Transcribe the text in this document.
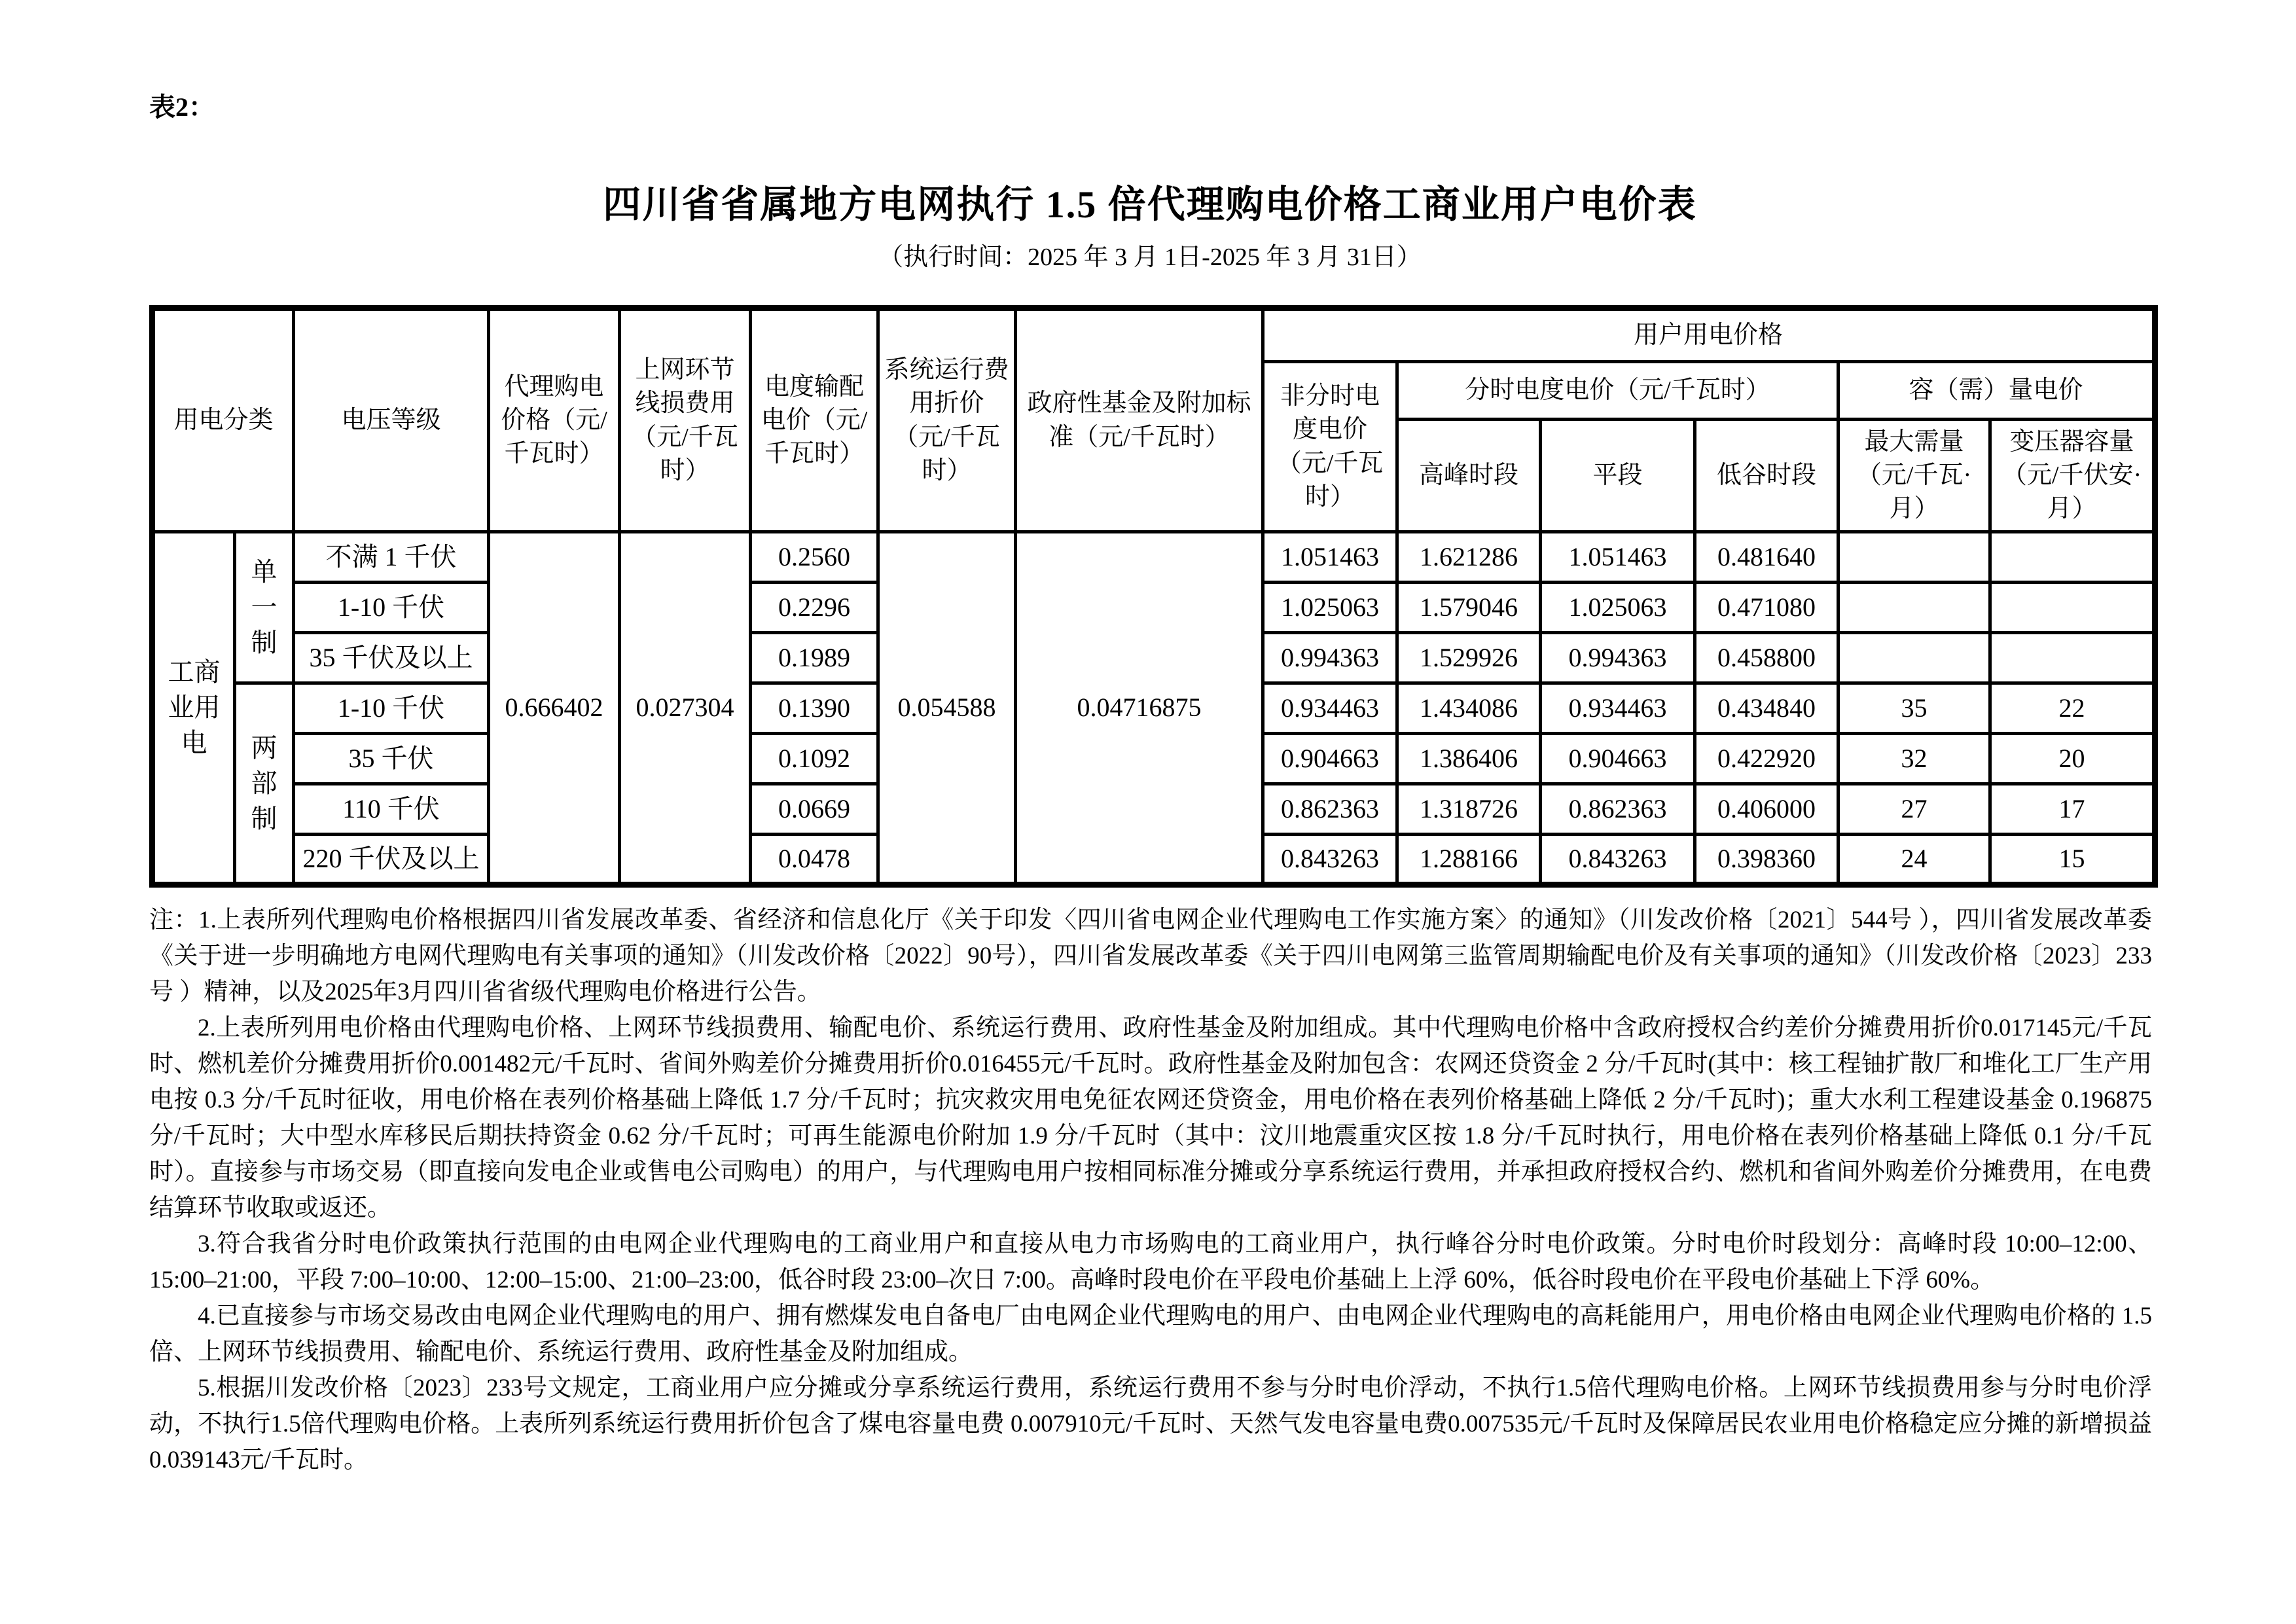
表2：
四川省省属地方电网执行 1.5 倍代理购电价格工商业用户电价表
（执行时间：2025 年 3 月 1日-2025 年 3 月 31日）
用电分类		电压等级	代理购电价格（元/千瓦时）	上网环节线损费用（元/千瓦时）	电度输配电价（元/千瓦时）	系统运行费用折价（元/千瓦时）	政府性基金及附加标准（元/千瓦时）	用户用电价格					
								非分时电度电价（元/千瓦时）	分时电度电价（元/千瓦时）			容（需）量电价	
									高峰时段	平段	低谷时段	最大需量（元/千瓦·月）	变压器容量（元/千伏安·月）
工商业用电	单一制	不满 1 千伏	0.666402	0.027304	0.2560	0.054588	0.04716875	1.051463	1.621286	1.051463	0.481640		
		1-10 千伏			0.2296			1.025063	1.579046	1.025063	0.471080		
		35 千伏及以上			0.1989			0.994363	1.529926	0.994363	0.458800		
	两部制	1-10 千伏			0.1390			0.934463	1.434086	0.934463	0.434840	35	22
		35 千伏			0.1092			0.904663	1.386406	0.904663	0.422920	32	20
		110 千伏			0.0669			0.862363	1.318726	0.862363	0.406000	27	17
		220 千伏及以上			0.0478			0.843263	1.288166	0.843263	0.398360	24	15

注：1.上表所列代理购电价格根据四川省发展改革委、省经济和信息化厅《关于印发〈四川省电网企业代理购电工作实施方案〉的通知》（川发改价格〔2021〕544号 ），四川省发展改革委《关于进一步明确地方电网代理购电有关事项的通知》（川发改价格〔2022〕90号），四川省发展改革委《关于四川电网第三监管周期输配电价及有关事项的通知》（川发改价格〔2023〕233号 ）精神，以及2025年3月四川省省级代理购电价格进行公告。

2.上表所列用电价格由代理购电价格、上网环节线损费用、输配电价、系统运行费用、政府性基金及附加组成。其中代理购电价格中含政府授权合约差价分摊费用折价0.017145元/千瓦时、燃机差价分摊费用折价0.001482元/千瓦时、省间外购差价分摊费用折价0.016455元/千瓦时。政府性基金及附加包含：农网还贷资金 2 分/千瓦时(其中：核工程铀扩散厂和堆化工厂生产用电按 0.3 分/千瓦时征收，用电价格在表列价格基础上降低 1.7 分/千瓦时；抗灾救灾用电免征农网还贷资金，用电价格在表列价格基础上降低 2 分/千瓦时)；重大水利工程建设基金 0.196875 分/千瓦时；大中型水库移民后期扶持资金 0.62 分/千瓦时；可再生能源电价附加 1.9 分/千瓦时（其中：汶川地震重灾区按 1.8 分/千瓦时执行，用电价格在表列价格基础上降低 0.1 分/千瓦时）。直接参与市场交易（即直接向发电企业或售电公司购电）的用户，与代理购电用户按相同标准分摊或分享系统运行费用，并承担政府授权合约、燃机和省间外购差价分摊费用，在电费结算环节收取或返还。

3.符合我省分时电价政策执行范围的由电网企业代理购电的工商业用户和直接从电力市场购电的工商业用户，执行峰谷分时电价政策。分时电价时段划分：高峰时段 10:00–12:00、15:00–21:00，平段 7:00–10:00、12:00–15:00、21:00–23:00，低谷时段 23:00–次日 7:00。高峰时段电价在平段电价基础上上浮 60%，低谷时段电价在平段电价基础上下浮 60%。

4.已直接参与市场交易改由电网企业代理购电的用户、拥有燃煤发电自备电厂由电网企业代理购电的用户、由电网企业代理购电的高耗能用户，用电价格由电网企业代理购电价格的 1.5 倍、上网环节线损费用、输配电价、系统运行费用、政府性基金及附加组成。

5.根据川发改价格〔2023〕233号文规定，工商业用户应分摊或分享系统运行费用，系统运行费用不参与分时电价浮动，不执行1.5倍代理购电价格。上网环节线损费用参与分时电价浮动，不执行1.5倍代理购电价格。上表所列系统运行费用折价包含了煤电容量电费 0.007910元/千瓦时、天然气发电容量电费0.007535元/千瓦时及保障居民农业用电价格稳定应分摊的新增损益 0.039143元/千瓦时。
